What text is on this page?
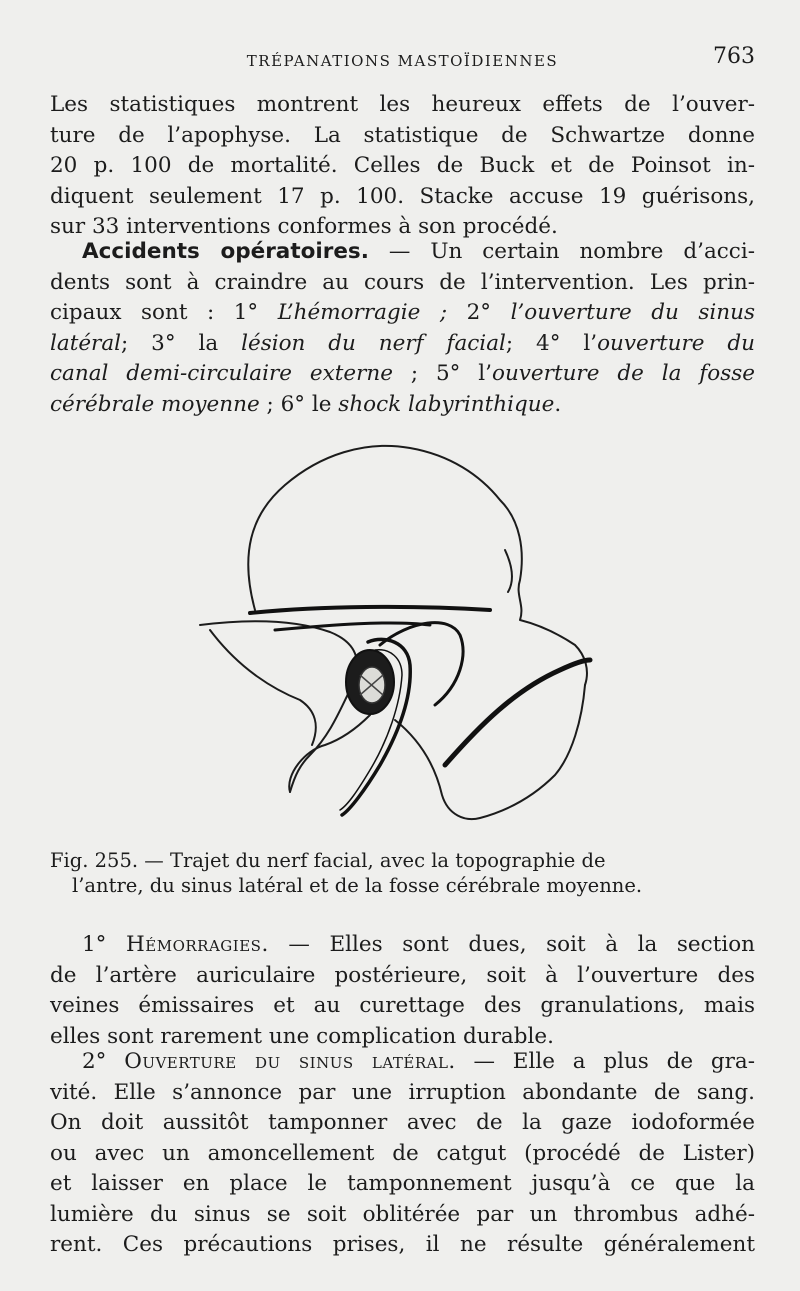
TRÉPANATIONS MASTOÏDIENNES	763
Les statistiques montrent les heureux effets de l’ouver-
ture de l’apophyse. La statistique de Schwartze donne
20 p. 100 de mortalité. Celles de Buck et de Poinsot in-
diquent seulement 17 p. 100. Stacke accuse 19 guérisons,
sur 33 interventions conformes à son procédé.
Accidents opératoires. — Un certain nombre d’acci-
dents sont à craindre au cours de l’intervention. Les prin-
cipaux sont : 1° L’hémorragie ; 2° l’ouverture du sinus
latéral; 3° la lésion du nerf facial; 4° l’ouverture du
canal demi-circulaire externe ; 5° l’ouverture de la fosse
cérébrale moyenne ; 6° le shock labyrinthique.
Fig. 255. — Trajet du nerf facial, avec la topographie de
l’antre, du sinus latéral et de la fosse cérébrale moyenne.
1° Hémorragies. — Elles sont dues, soit à la section
de l’artère auriculaire postérieure, soit à l’ouverture des
veines émissaires et au curettage des granulations, mais
elles sont rarement une complication durable.
2° Ouverture du sinus latéral. — Elle a plus de gra-
vité. Elle s’annonce par une irruption abondante de sang.
On doit aussitôt tamponner avec de la gaze iodoformée
ou avec un amoncellement de catgut (procédé de Lister)
et laisser en place le tamponnement jusqu’à ce que la
lumière du sinus se soit oblitérée par un thrombus adhé-
rent. Ces précautions prises, il ne résulte généralement
